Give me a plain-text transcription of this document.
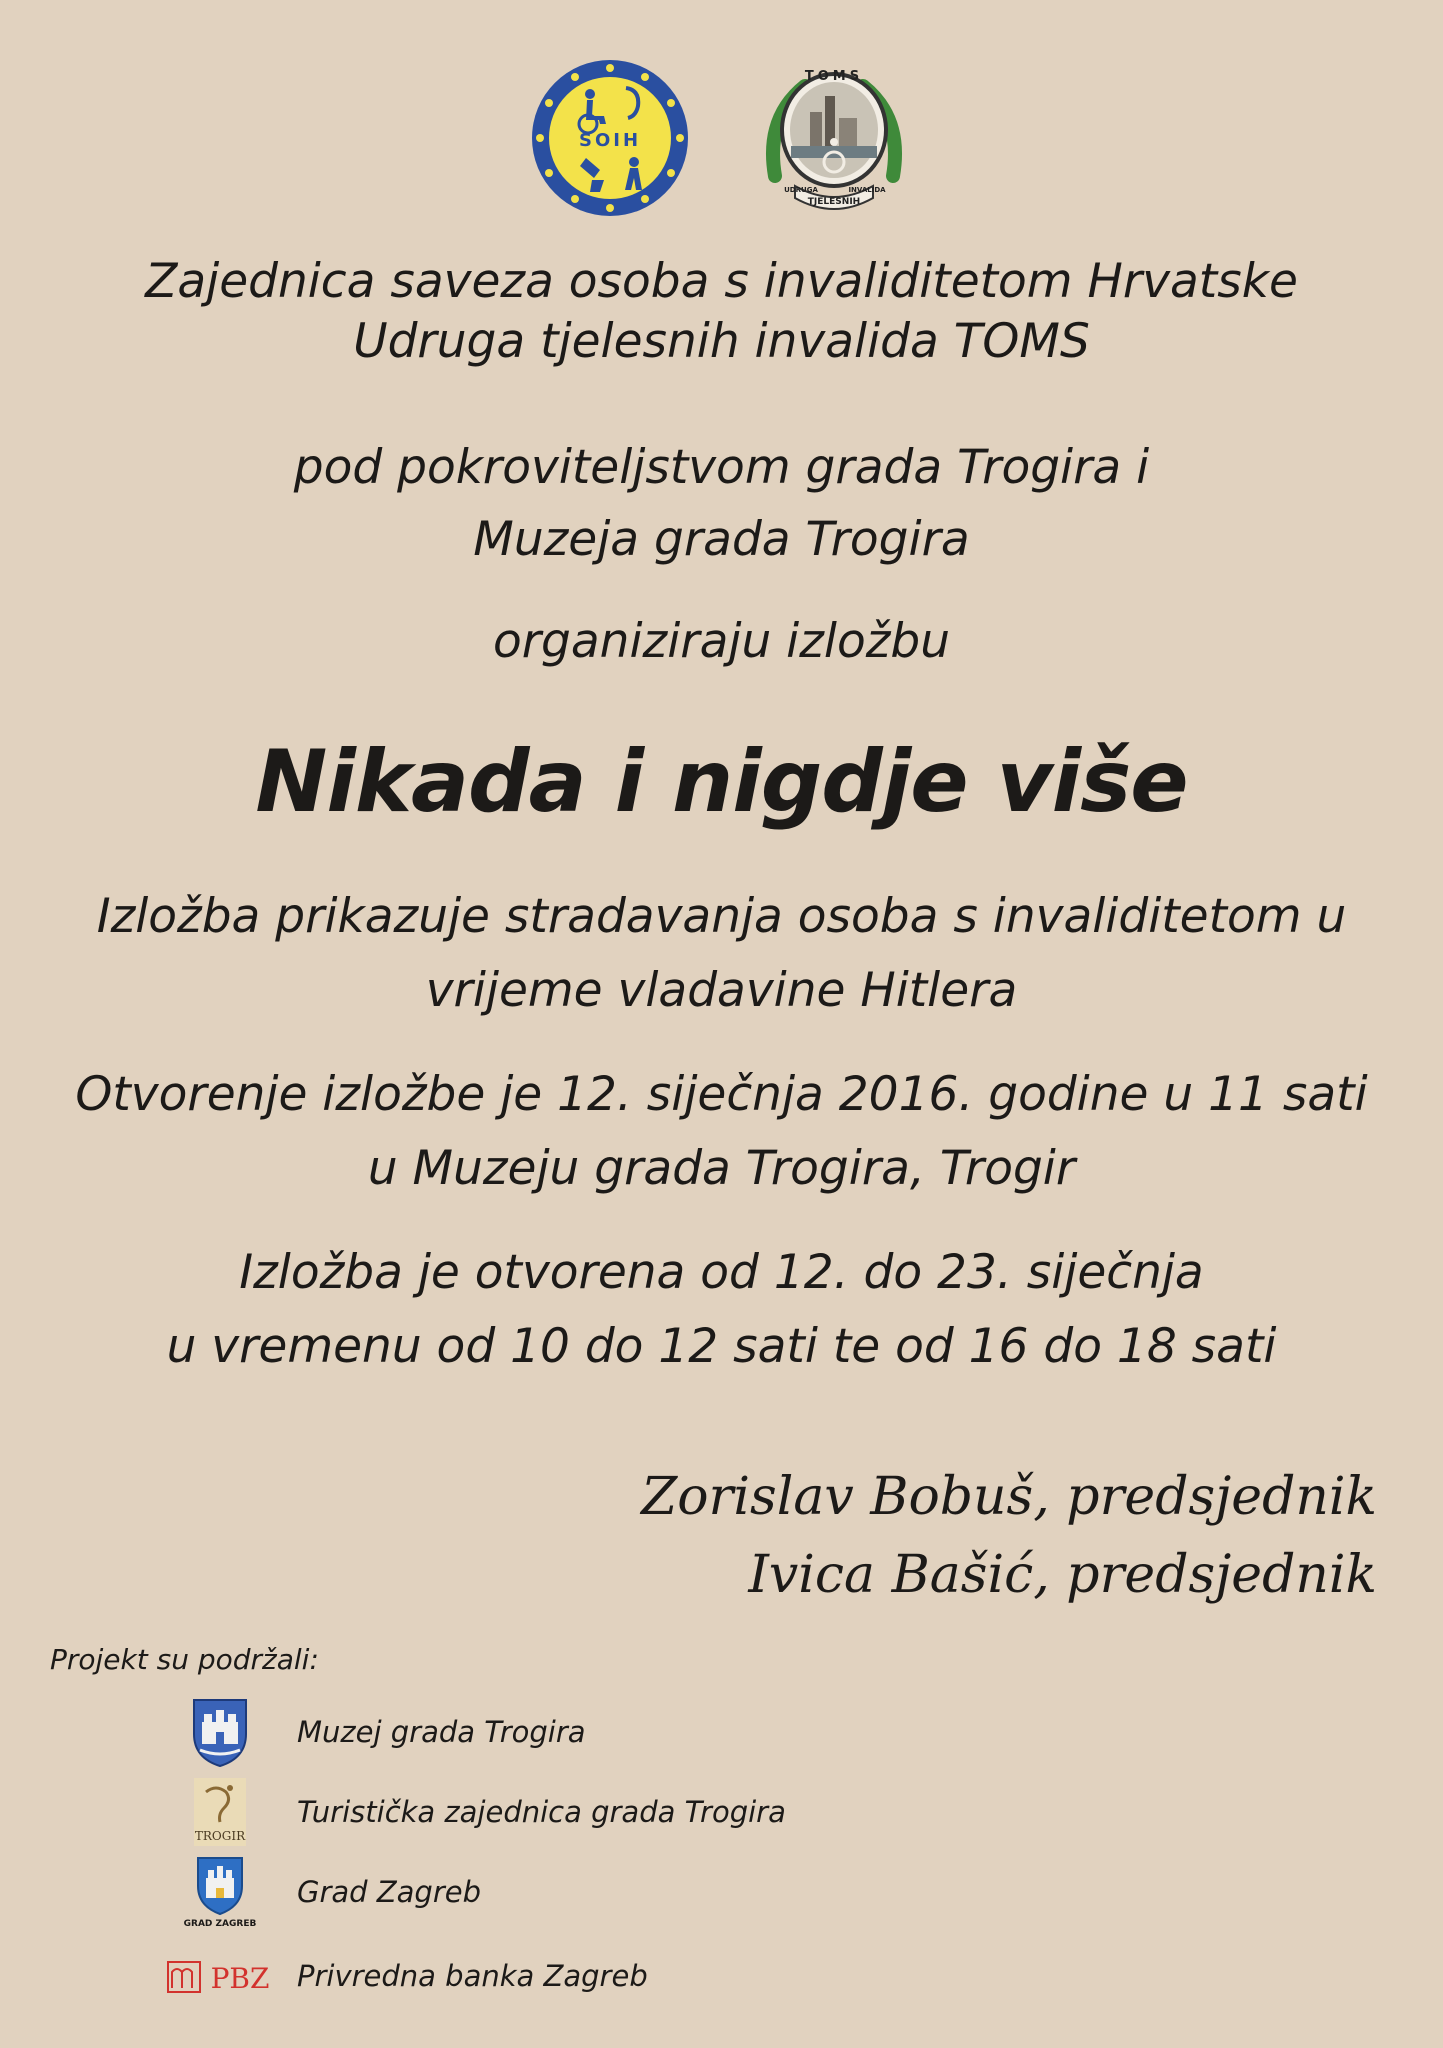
SOIH
TOMS
UDRUGA
TJELESNIH
INVALIDA
Zajednica saveza osoba s invaliditetom Hrvatske
Udruga tjelesnih invalida TOMS
pod pokroviteljstvom grada Trogira i
Muzeja grada Trogira
organiziraju izložbu
Nikada i nigdje više
Izložba prikazuje stradavanja osoba s invaliditetom u
vrijeme vladavine Hitlera
Otvorenje izložbe je 12. siječnja 2016. godine u 11 sati
u Muzeju grada Trogira, Trogir
Izložba je otvorena od 12. do 23. siječnja
u vremenu od 10 do 12 sati te od 16 do 18 sati
Zorislav Bobuš, predsjednik
Ivica Bašić, predsjednik
Projekt su podržali:
Muzej grada Trogira
TROGIR
Turistička zajednica grada Trogira
GRAD ZAGREB
Grad Zagreb
PBZ Privredna banka Zagreb
